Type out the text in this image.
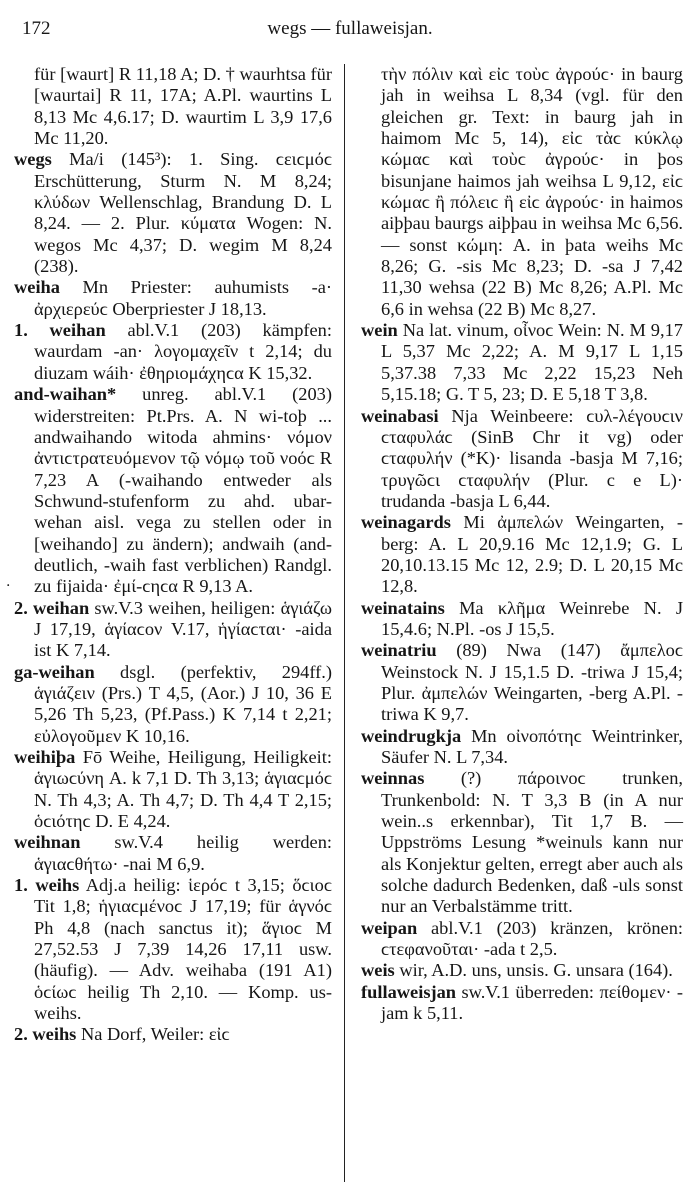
172	wegs — fullaweisjan.
·

für [waurt] R 11,18 A; D. † waurhtsa für [waurtai] R 11, 17A; A.Pl. waurtins L 8,13 Mc 4,6.17; D. waurtim L 3,9 17,6 Mc 11,20.

wegs Ma/i (145³): 1. Sing. ϲειϲμόϲ Erschütterung, Sturm N. M 8,24; κλύδων Wellenschlag, Brandung D. L 8,24. — 2. Plur. κύματα Wogen: N. wegos Mc 4,37; D. wegim M 8,24 (238).

weiha Mn Priester: auhumists -a· ἀρχιερεύϲ Oberpriester J 18,13.

1. weihan abl.V.1 (203) kämpfen: waurdam -an· λογομαχεῖν t 2,14; du diuzam wáih· ἐθηριομάχηϲα K 15,32.

and-waihan* unreg. abl.V.1 (203) widerstreiten: Pt.Prs. A. N wi-toþ ... andwaihando witoda ahmins· νόμον ἀντιϲτρατευόμενον τῷ νόμῳ τοῦ νοόϲ R 7,23 A (-waihando entweder als Schwund-stufenform zu ahd. ubar-wehan aisl. vega zu stellen oder in [weihando] zu ändern); andwaih (and- deutlich, -waih fast verblichen) Randgl. zu fijaida· ἐμί-ϲηϲα R 9,13 A.

2. weihan sw.V.3 weihen, heiligen: ἁγιάζω J 17,19, ἁγίαϲον V.17, ἡγίαϲται· -aida ist K 7,14.

ga-weihan dsgl. (perfektiv, 294ff.) ἁγιάζειν (Prs.) T 4,5, (Aor.) J 10, 36 E 5,26 Th 5,23, (Pf.Pass.) K 7,14 t 2,21; εὐλογοῦμεν K 10,16.

weihiþa Fō Weihe, Heiligung, Heiligkeit: ἁγιωϲύνη A. k 7,1 D. Th 3,13; ἁγιαϲμόϲ N. Th 4,3; A. Th 4,7; D. Th 4,4 T 2,15; ὁϲιότηϲ D. E 4,24.

weihnan sw.V.4 heilig werden: ἁγιαϲθήτω· -nai M 6,9.

1. weihs Adj.a heilig: ἱερόϲ t 3,15; ὅϲιοϲ Tit 1,8; ἡγιαϲμένοϲ J 17,19; für ἁγνόϲ Ph 4,8 (nach sanctus it); ἅγιοϲ M 27,52.53 J 7,39 14,26 17,11 usw. (häufig). — Adv. weihaba (191 A1) ὁϲίωϲ heilig Th 2,10. — Komp. us-weihs.

2. weihs Na Dorf, Weiler: εἰϲ

τὴν πόλιν καὶ εἰϲ τοὺϲ ἀγρούϲ· in baurg jah in weihsa L 8,34 (vgl. für den gleichen gr. Text: in baurg jah in haimom Mc 5, 14), εἰϲ τὰϲ κύκλῳ κώμαϲ καὶ τοὺϲ ἀγρούϲ· in þos bisunjane haimos jah weihsa L 9,12, εἰϲ κώμαϲ ἢ πόλειϲ ἢ εἰϲ ἀγρούϲ· in haimos aiþþau baurgs aiþþau in weihsa Mc 6,56. — sonst κώμη: A. in þata weihs Mc 8,26; G. -sis Mc 8,23; D. -sa J 7,42 11,30 wehsa (22 B) Mc 8,26; A.Pl. Mc 6,6 in wehsa (22 B) Mc 8,27.

wein Na lat. vinum, οἶνοϲ Wein: N. M 9,17 L 5,37 Mc 2,22; A. M 9,17 L 1,15 5,37.38 7,33 Mc 2,22 15,23 Neh 5,15.18; G. T 5, 23; D. E 5,18 T 3,8.

weinabasi Nja Weinbeere: ϲυλ-λέγουϲιν ϲταφυλάϲ (SinB Chr it vg) oder ϲταφυλήν (*K)· lisanda -basja M 7,16; τρυγῶϲι ϲταφυλήν (Plur. c e L)· trudanda -basja L 6,44.

weinagards Mi ἀμπελών Weingarten, -berg: A. L 20,9.16 Mc 12,1.9; G. L 20,10.13.15 Mc 12, 2.9; D. L 20,15 Mc 12,8.

weinatains Ma κλῆμα Weinrebe N. J 15,4.6; N.Pl. -os J 15,5.

weinatriu (89) Nwa (147) ἄμπελοϲ Weinstock N. J 15,1.5 D. -triwa J 15,4; Plur. ἀμπελών Weingarten, -berg A.Pl. -triwa K 9,7.

weindrugkja Mn οἰνοπότηϲ Weintrinker, Säufer N. L 7,34.

weinnas (?) πάροινοϲ trunken, Trunkenbold: N. T 3,3 B (in A nur wein..s erkennbar), Tit 1,7 B. — Uppströms Lesung *weinuls kann nur als Konjektur gelten, erregt aber auch als solche dadurch Bedenken, daß -uls sonst nur an Verbalstämme tritt.

weipan abl.V.1 (203) kränzen, krönen: ϲτεφανοῦται· -ada t 2,5.

weis wir, A.D. uns, unsis. G. unsara (164).

fullaweisjan sw.V.1 überreden: πείθομεν· -jam k 5,11.
